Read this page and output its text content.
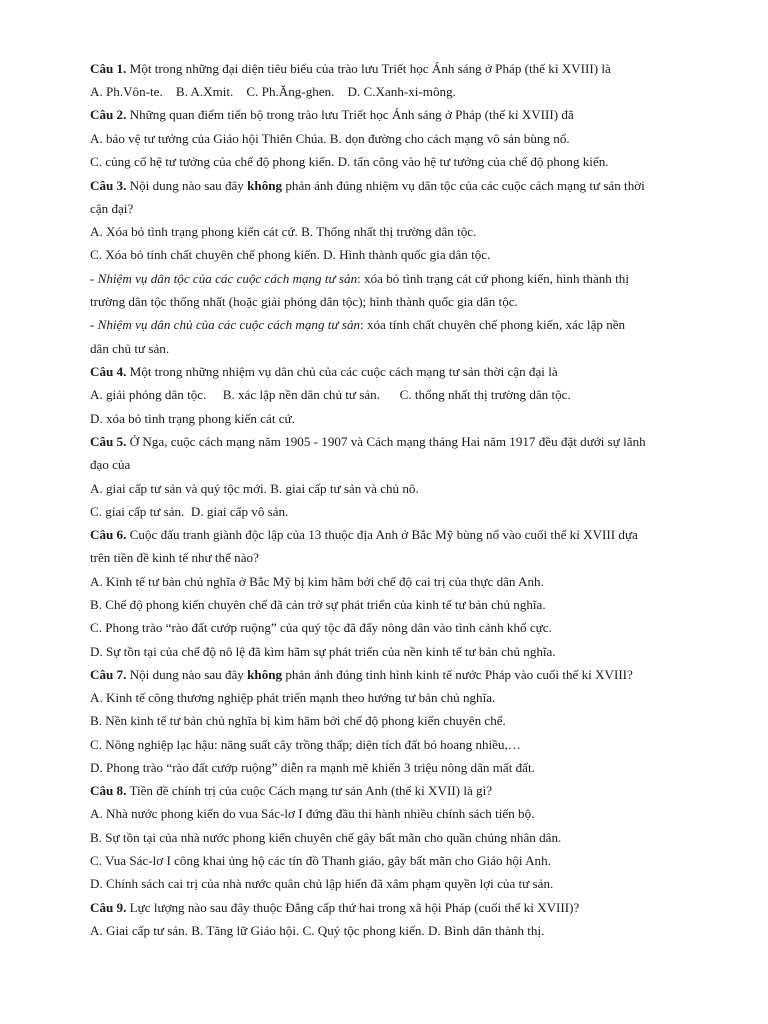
Câu 1. Một trong những đại diện tiêu biểu của trào lưu Triết học Ánh sáng ở Pháp (thế kỉ XVIII) là
A. Ph.Vôn-te.    B. A.Xmit.    C. Ph.Ăng-ghen.    D. C.Xanh-xi-mông.
Câu 2. Những quan điểm tiến bộ trong trào lưu Triết học Ánh sáng ở Pháp (thế kỉ XVIII) đã
A. bảo vệ tư tưởng của Giáo hội Thiên Chúa. B. dọn đường cho cách mạng vô sản bùng nổ.
C. củng cố hệ tư tưởng của chế độ phong kiến. D. tấn công vào hệ tư tưởng của chế độ phong kiến.
Câu 3. Nội dung nào sau đây không phản ánh đúng nhiệm vụ dân tộc của các cuộc cách mạng tư sản thời
cận đại?
A. Xóa bỏ tình trạng phong kiến cát cứ. B. Thống nhất thị trường dân tộc.
C. Xóa bỏ tính chất chuyên chế phong kiến. D. Hình thành quốc gia dân tộc.
- Nhiệm vụ dân tộc của các cuộc cách mạng tư sản: xóa bỏ tình trạng cát cứ phong kiến, hình thành thị
trường dân tộc thống nhất (hoặc giải phóng dân tộc); hình thành quốc gia dân tộc.
- Nhiệm vụ dân chủ của các cuộc cách mạng tư sản: xóa tính chất chuyên chế phong kiến, xác lập nền
dân chủ tư sản.
Câu 4. Một trong những nhiệm vụ dân chủ của các cuộc cách mạng tư sản thời cận đại là
A. giải phóng dân tộc.     B. xác lập nền dân chủ tư sản.      C. thống nhất thị trường dân tộc.
D. xóa bỏ tình trạng phong kiến cát cứ.
Câu 5. Ở Nga, cuộc cách mạng năm 1905 - 1907 và Cách mạng tháng Hai năm 1917 đều đặt dưới sự lãnh
đạo của
A. giai cấp tư sản và quý tộc mới. B. giai cấp tư sản và chủ nô.
C. giai cấp tư sản.  D. giai cấp vô sản.
Câu 6. Cuộc đấu tranh giành độc lập của 13 thuộc địa Anh ở Bắc Mỹ bùng nổ vào cuối thế kỉ XVIII dựa
trên tiền đề kinh tế như thế nào?
A. Kinh tế tư bản chủ nghĩa ở Bắc Mỹ bị kìm hãm bởi chế độ cai trị của thực dân Anh.
B. Chế độ phong kiến chuyên chế đã cản trở sự phát triển của kinh tế tư bản chủ nghĩa.
C. Phong trào “rào đất cướp ruộng” của quý tộc đã đẩy nông dân vào tình cảnh khổ cực.
D. Sự tồn tại của chế độ nô lệ đã kìm hãm sự phát triển của nền kinh tế tư bản chủ nghĩa.
Câu 7. Nội dung nào sau đây không phản ánh đúng tình hình kinh tế nước Pháp vào cuối thế kỉ XVIII?
A. Kinh tế công thương nghiệp phát triển mạnh theo hướng tư bản chủ nghĩa.
B. Nền kinh tế tư bản chủ nghĩa bị kìm hãm bởi chế độ phong kiến chuyên chế.
C. Nông nghiệp lạc hậu: năng suất cây trồng thấp; diện tích đất bỏ hoang nhiều,…
D. Phong trào “rào đất cướp ruộng” diễn ra mạnh mẽ khiến 3 triệu nông dân mất đất.
Câu 8. Tiền đề chính trị của cuộc Cách mạng tư sản Anh (thế kỉ XVII) là gì?
A. Nhà nước phong kiến do vua Sác-lơ I đứng đầu thi hành nhiều chính sách tiến bộ.
B. Sự tồn tại của nhà nước phong kiến chuyên chế gây bất mãn cho quần chúng nhân dân.
C. Vua Sác-lơ I công khai ủng hộ các tín đồ Thanh giáo, gây bất mãn cho Giáo hội Anh.
D. Chính sách cai trị của nhà nước quân chủ lập hiến đã xâm phạm quyền lợi của tư sản.
Câu 9. Lực lượng nào sau đây thuộc Đẳng cấp thứ hai trong xã hội Pháp (cuối thế kỉ XVIII)?
A. Giai cấp tư sản. B. Tăng lữ Giáo hội. C. Quý tộc phong kiến. D. Bình dân thành thị.
